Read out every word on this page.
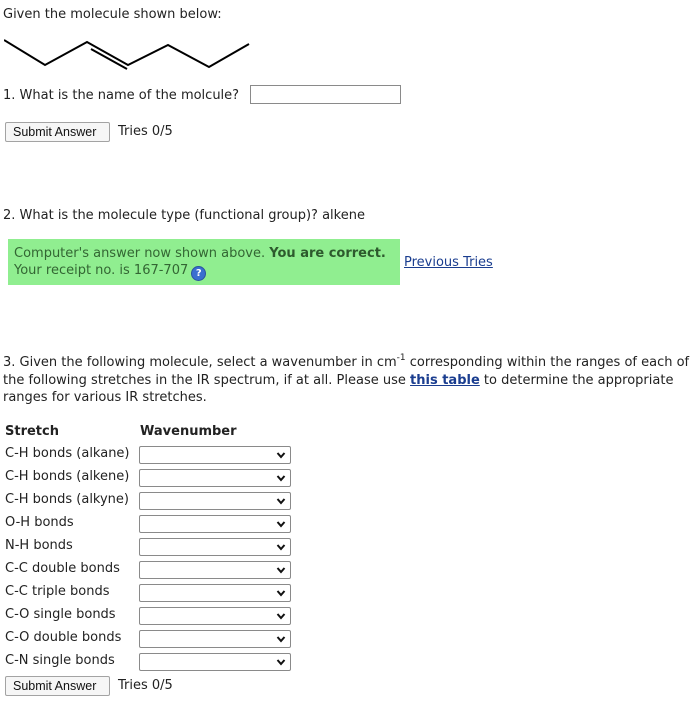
Given the molecule shown below:
1. What is the name of the molcule?
Submit Answer	Tries 0/5
2. What is the molecule type (functional group)? alkene
Computer's answer now shown above. You are correct.
Your receipt no. is 167-707 ?
Previous Tries
3. Given the following molecule, select a wavenumber in $cm^{-1}$ corresponding within the ranges of each of the following stretches in the IR spectrum, if at all. Please use this table to determine the appropriate ranges for various IR stretches.
Stretch	Wavenumber
C-H bonds (alkane)
C-H bonds (alkene)
C-H bonds (alkyne)
O-H bonds
N-H bonds
C-C double bonds
C-C triple bonds
C-O single bonds
C-O double bonds
C-N single bonds
Submit Answer	Tries 0/5
